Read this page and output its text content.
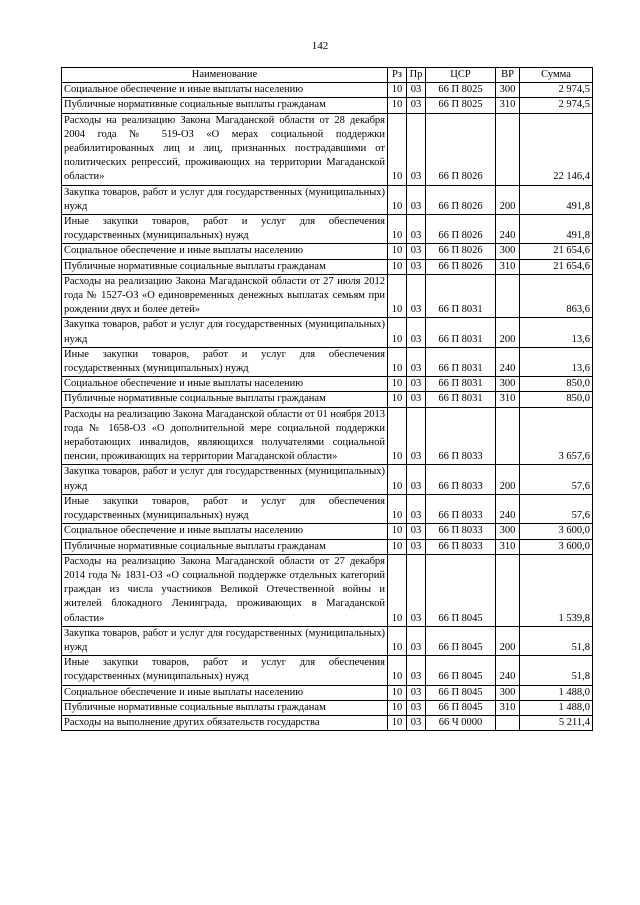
142
Наименование	Рз	Пр	ЦСР	ВР	Сумма
Социальное обеспечение и иные выплаты населению	10	03	66 П 8025	300	2 974,5
Публичные нормативные социальные выплаты гражданам	10	03	66 П 8025	310	2 974,5
Расходы на реализацию Закона Магаданской области от 28 декабря 2004 года № 519-ОЗ «О мерах социальной поддержки реабилитированных лиц и лиц, признанных пострадавшими от политических репрессий, проживающих на территории Магаданской области»	10	03	66 П 8026		22 146,4
Закупка товаров, работ и услуг для государственных (муниципальных) нужд	10	03	66 П 8026	200	491,8
Иные закупки товаров, работ и услуг для обеспечения государственных (муниципальных) нужд	10	03	66 П 8026	240	491,8
Социальное обеспечение и иные выплаты населению	10	03	66 П 8026	300	21 654,6
Публичные нормативные социальные выплаты гражданам	10	03	66 П 8026	310	21 654,6
Расходы на реализацию Закона Магаданской области от 27 июля 2012 года № 1527-ОЗ «О единовременных денежных выплатах семьям при рождении двух и более детей»	10	03	66 П 8031		863,6
Закупка товаров, работ и услуг для государственных (муниципальных) нужд	10	03	66 П 8031	200	13,6
Иные закупки товаров, работ и услуг для обеспечения государственных (муниципальных) нужд	10	03	66 П 8031	240	13,6
Социальное обеспечение и иные выплаты населению	10	03	66 П 8031	300	850,0
Публичные нормативные социальные выплаты гражданам	10	03	66 П 8031	310	850,0
Расходы на реализацию Закона Магаданской области от 01 ноября 2013 года № 1658-ОЗ «О дополнительной мере социальной поддержки неработающих инвалидов, являющихся получателями социальной пенсии, проживающих на территории Магаданской области»	10	03	66 П 8033		3 657,6
Закупка товаров, работ и услуг для государственных (муниципальных) нужд	10	03	66 П 8033	200	57,6
Иные закупки товаров, работ и услуг для обеспечения государственных (муниципальных) нужд	10	03	66 П 8033	240	57,6
Социальное обеспечение и иные выплаты населению	10	03	66 П 8033	300	3 600,0
Публичные нормативные социальные выплаты гражданам	10	03	66 П 8033	310	3 600,0
Расходы на реализацию Закона Магаданской области от 27 декабря 2014 года № 1831-ОЗ «О социальной поддержке отдельных категорий граждан из числа участников Великой Отечественной войны и жителей блокадного Ленинграда, проживающих в Магаданской области»	10	03	66 П 8045		1 539,8
Закупка товаров, работ и услуг для государственных (муниципальных) нужд	10	03	66 П 8045	200	51,8
Иные закупки товаров, работ и услуг для обеспечения государственных (муниципальных) нужд	10	03	66 П 8045	240	51,8
Социальное обеспечение и иные выплаты населению	10	03	66 П 8045	300	1 488,0
Публичные нормативные социальные выплаты гражданам	10	03	66 П 8045	310	1 488,0
Расходы на выполнение других обязательств государства	10	03	66 Ч 0000		5 211,4
